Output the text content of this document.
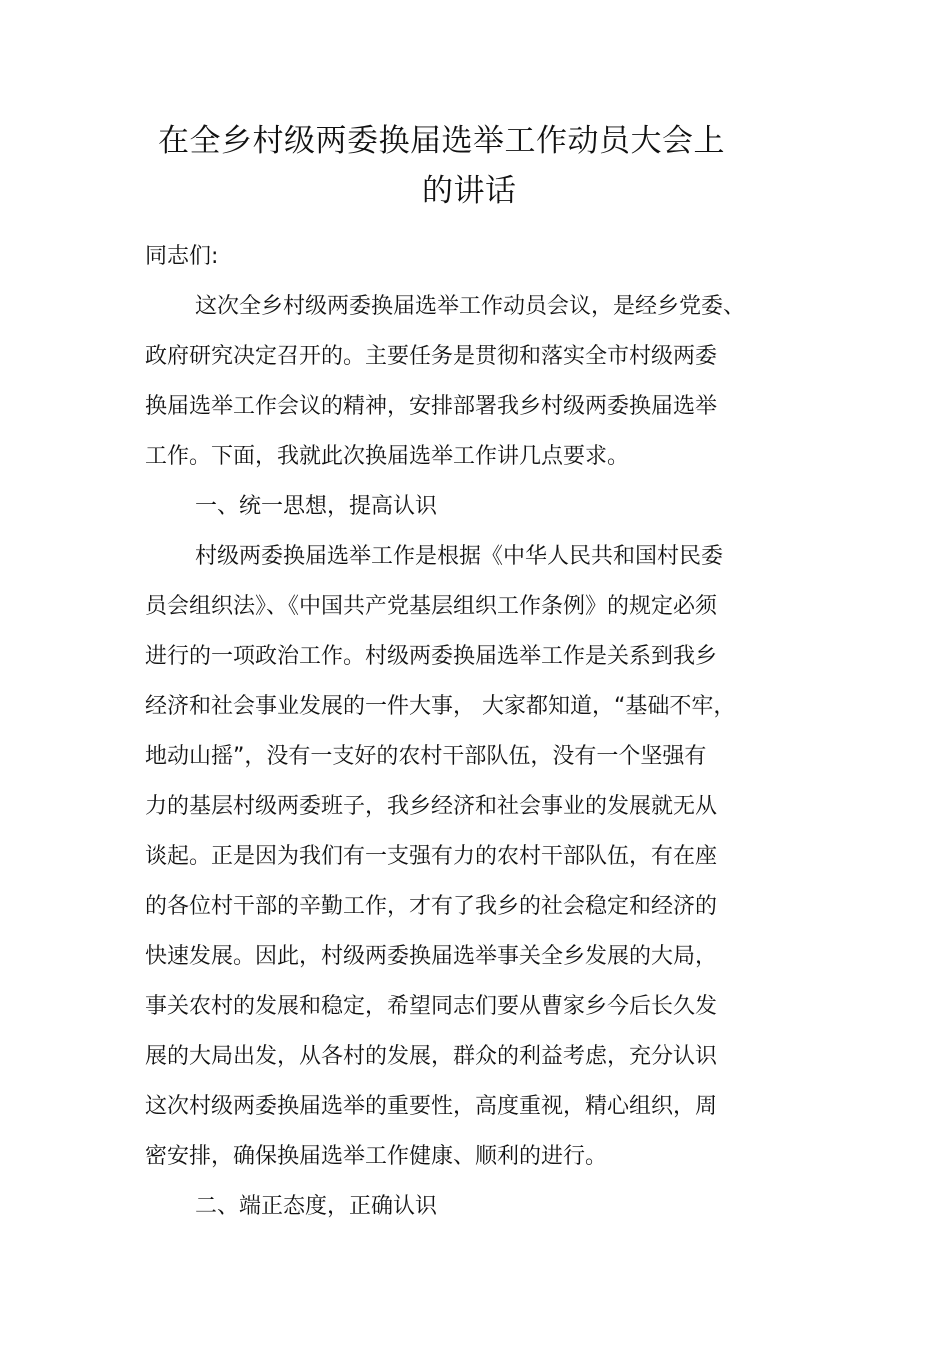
在全乡村级两委换届选举工作动员大会上
的讲话
同志们:
这次全乡村级两委换届选举工作动员会议，是经乡党委、
政府研究决定召开的。主要任务是贯彻和落实全市村级两委
换届选举工作会议的精神，安排部署我乡村级两委换届选举
工作。下面，我就此次换届选举工作讲几点要求。
一、统一思想，提高认识
村级两委换届选举工作是根据《中华人民共和国村民委
员会组织法》、《中国共产党基层组织工作条例》的规定必须
进行的一项政治工作。村级两委换届选举工作是关系到我乡
经济和社会事业发展的一件大事， 大家都知道，“基础不牢，
地动山摇”，没有一支好的农村干部队伍，没有一个坚强有
力的基层村级两委班子，我乡经济和社会事业的发展就无从
谈起。正是因为我们有一支强有力的农村干部队伍，有在座
的各位村干部的辛勤工作，才有了我乡的社会稳定和经济的
快速发展。因此，村级两委换届选举事关全乡发展的大局，
事关农村的发展和稳定，希望同志们要从曹家乡今后长久发
展的大局出发，从各村的发展，群众的利益考虑，充分认识
这次村级两委换届选举的重要性，高度重视，精心组织，周
密安排，确保换届选举工作健康、顺利的进行。
二、端正态度，正确认识
